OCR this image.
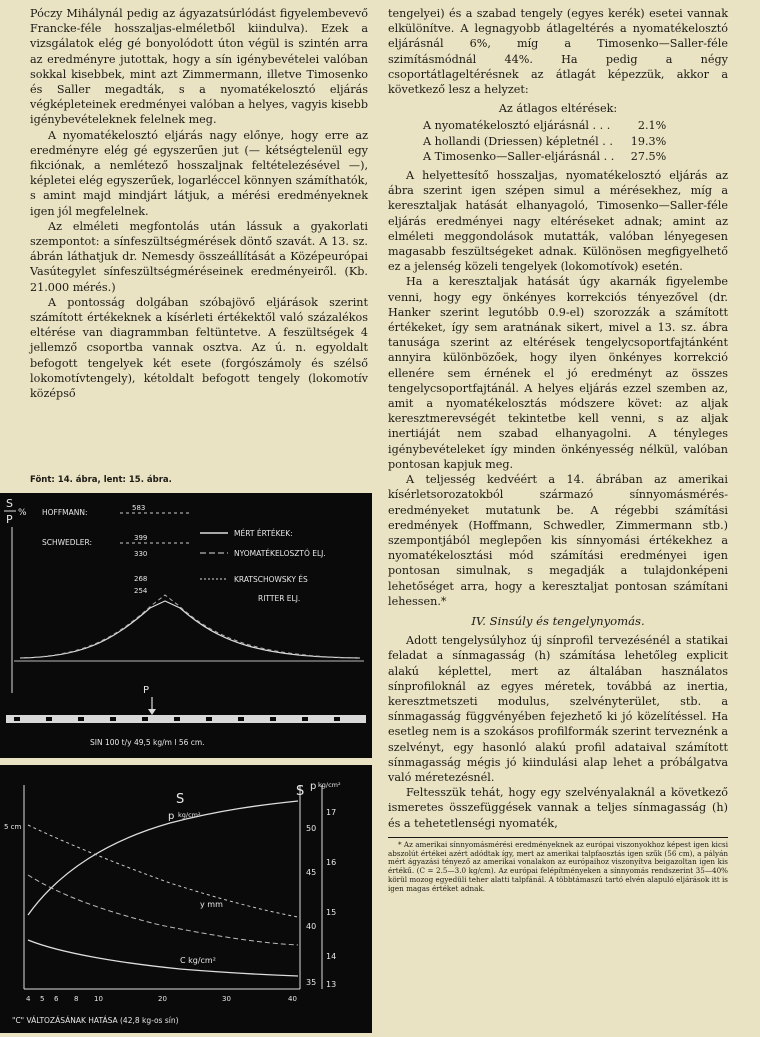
Póczy Mihálynál pedig az ágyazatsúrlódást figyelembevevő Francke-féle hosszaljas-elméletből kiindulva). Ezek a vizsgálatok elég gé bonyolódott úton végül is szintén arra az eredményre jutottak, hogy a sín igénybevételei valóban sokkal kisebbek, mint azt Zimmermann, illetve Timosenko és Saller megadták, s a nyomatékelosztó eljárás végképleteinek eredményei valóban a helyes, vagyis kisebb igénybevételeknek felelnek meg.

A nyomatékelosztó eljárás nagy előnye, hogy erre az eredményre elég gé egyszerűen jut (— kétségtelenül egy fikciónak, a nemlétező hosszaljnak feltételezésével —), képletei elég egyszerűek, logarléccel könnyen számíthatók, s amint majd mindjárt látjuk, a mérési eredményeknek igen jól megfelelnek.

Az elméleti megfontolás után lássuk a gyakorlati szempontot: a sínfeszültségmérések döntő szavát. A 13. sz. ábrán láthatjuk dr. Nemesdy összeállítását a Középeurópai Vasútegylet sínfeszültségméréseinek eredményeiről. (Kb. 21.000 mérés.)

A pontosság dolgában szóbajövő eljárások szerint számított értékeknek a kísérleti értékektől való százalékos eltérése van diagrammban feltüntetve. A feszültségek 4 jellemző csoportba vannak osztva. Az ú. n. egyoldalt befogott tengelyek két esete (forgószámoly és szélső lokomotívtengely), kétoldalt befogott tengely (lokomotív középső

Fönt: 14. ábra, lent: 15. ábra.
S
P % HOFFMANN:
SCHWEDLER:
583
399
330
268
254
MÉRT ÉRTÉKEK:
NYOMATÉKELOSZTÓ ELJ.
KRATSCHOWSKY ÉS
RITTER ELJ.
P
SIN 100 t/y 49,5 kg/m l 56 cm.
5 cm
S
p kg/cm²
S p kg/cm²
50
45
40
35
17
16
15
14
13
y mm
C kg/cm²
4 5 6 8 10	20	30	40
"C" VÁLTOZÁSÁNAK HATÁSA (42,8 kg-os sín)

tengelyei) és a szabad tengely (egyes kerék) esetei vannak elkülönítve. A legnagyobb átlageltérés a nyomatékelosztó eljárásnál 6%, míg a Timosenko—Saller-féle szimításmódnál 44%. Ha pedig a négy csoportátlageltérésnek az átlagát képezzük, akkor a következő lesz a helyzet:

Az átlagos eltérések:
A nyomatékelosztó eljárásnál . . .	2.1%
A hollandi (Driessen) képletnél . .	19.3%
A Timosenko—Saller-eljárásnál . .	27.5%

A helyettesítő hosszaljas, nyomatékelosztó eljárás az ábra szerint igen szépen simul a mérésekhez, míg a keresztaljak hatását elhanyagoló, Timosenko—Saller-féle eljárás eredményei nagy eltéréseket adnak; amint az elméleti meggondolások mutatták, valóban lényegesen magasabb feszültségeket adnak. Különösen megfigyelhető ez a jelenség közeli tengelyek (lokomotívok) esetén.

Ha a keresztaljak hatását úgy akarnák figyelembe venni, hogy egy önkényes korrekciós tényezővel (dr. Hanker szerint legutóbb 0.9-el) szorozzák a számított értékeket, így sem aratnának sikert, mivel a 13. sz. ábra tanusága szerint az eltérések tengelycsoportfajtánként annyira különbözőek, hogy ilyen önkényes korrekció ellenére sem érnének el jó eredményt az összes tengelycsoportfajtánál. A helyes eljárás ezzel szemben az, amit a nyomatékelosztás módszere követ: az aljak keresztmerevségét tekintetbe kell venni, s az aljak inertiáját nem szabad elhanyagolni. A tényleges igénybevételeket így minden önkényesség nélkül, valóban pontosan kapjuk meg.

A teljesség kedvéért a 14. ábrában az amerikai kísérletsorozatokból származó sínnyomásmérés-eredményeket mutatunk be. A régebbi számítási eredmények (Hoffmann, Schwedler, Zimmermann stb.) szempontjából meglepően kis sínnyomási értékekhez a nyomatékelosztási mód számítási eredményei igen pontosan simulnak, s megadják a tulajdonképeni lehetőséget arra, hogy a keresztaljat pontosan számítani lehessen.*

IV. Sinsúly és tengelynyomás.

Adott tengelysúlyhoz új sínprofil tervezésénél a statikai feladat a sínmagasság (h) számítása lehetőleg explicit alakú képlettel, mert az általában használatos sínprofiloknál az egyes méretek, továbbá az inertia, keresztmetszeti modulus, szelvényterület, stb. a sínmagasság függvényében fejezhető ki jó közelítéssel. Ha esetleg nem is a szokásos profilformák szerint terveznénk a szelvényt, egy hasonló alakú profil adataival számított sínmagasság mégis jó kiindulási alap lehet a próbálgatva való méretezésnél.

Feltesszük tehát, hogy egy szelvényalaknál a következő ismeretes összefüggések vannak a teljes sínmagasság (h) és a tehetetlenségi nyomaték,

* Az amerikai sínnyomásmérési eredményeknek az európai viszonyokhoz képest igen kicsi abszolút értékei azért adódtak így, mert az amerikai talpfaosztás igen szűk (56 cm), a pályán mért ágyazási tényező az amerikai vonalakon az európaihoz viszonyítva beigazoltan igen kis értékű. (C = 2.5—3.0 kg/cm). Az európai felépítményeken a sínnyomás rendszerint 35—40% körül mozog egyedüli teher alatti talpfánál. A többtámaszú tartó elvén alapuló eljárások itt is igen magas értéket adnak.
